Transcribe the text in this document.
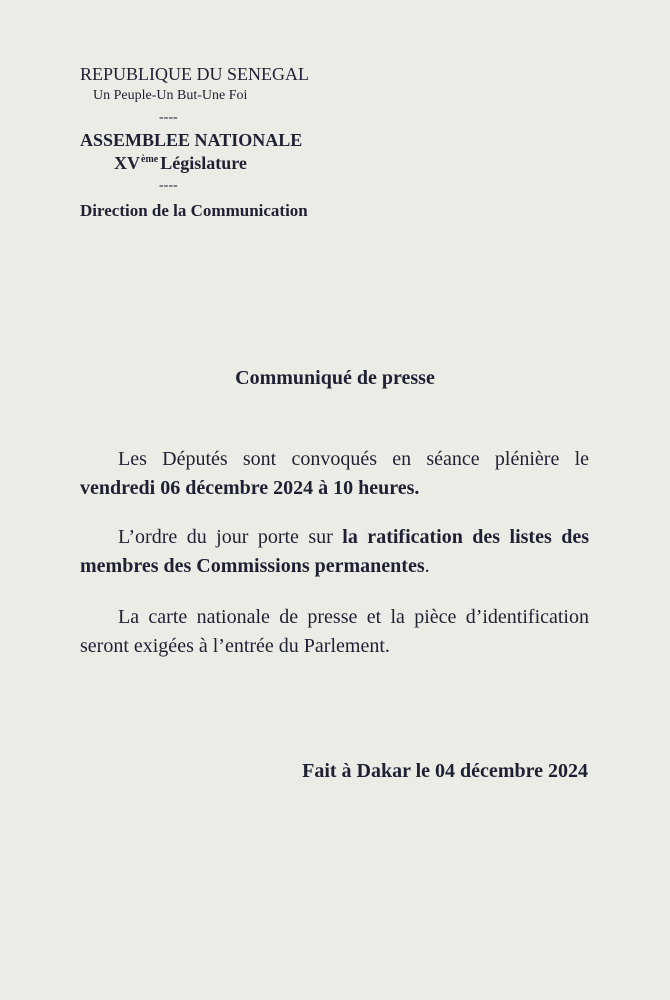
REPUBLIQUE DU SENEGAL
Un Peuple-Un But-Une Foi
----
ASSEMBLEE NATIONALE
XVème Législature
----
Direction de la Communication
Communiqué de presse
Les Députés sont convoqués en séance plénière le vendredi 06 décembre 2024 à 10 heures.
L’ordre du jour porte sur la ratification des listes des membres des Commissions permanentes.
La carte nationale de presse et la pièce d’identification seront exigées à l’entrée du Parlement.
Fait à Dakar le 04 décembre 2024
